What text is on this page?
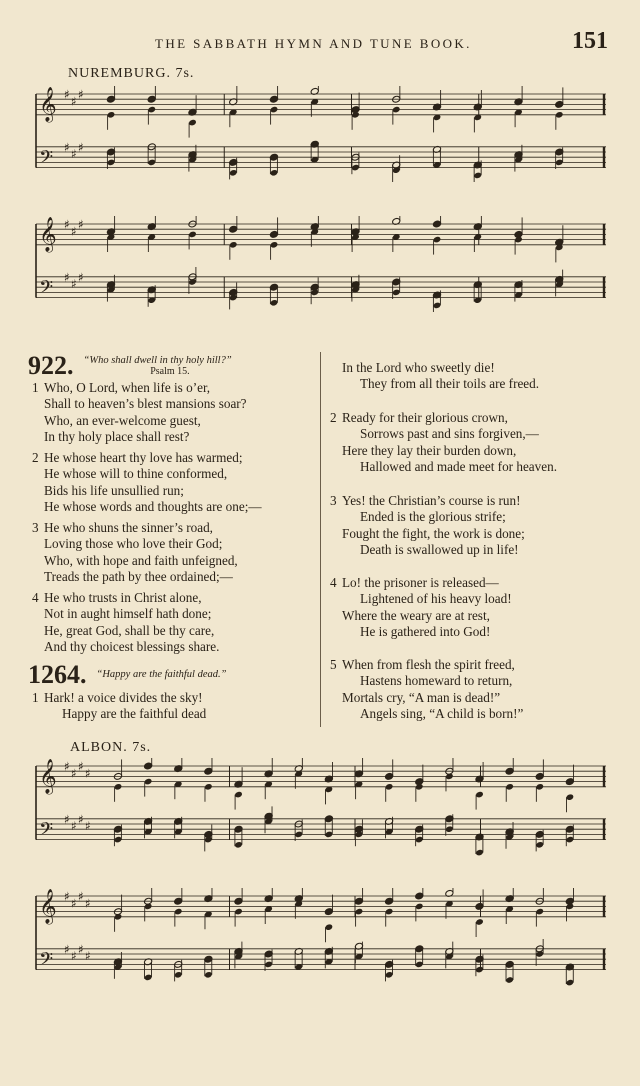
THE SABBATH HYMN AND TUNE BOOK.	151
NUREMBURG. 7s.
𝄞 ♯ ♯ ♯
𝄢
♯ ♯ ♯
𝄞 ♯ ♯ ♯
𝄢
♯ ♯ ♯
922. “Who shall dwell in thy holy hill?”
Psalm 15.
1 Who, O Lord, when life is o’er,
Shall to heaven’s blest mansions soar?
Who, an ever-welcome guest,
In thy holy place shall rest?
2 He whose heart thy love has warmed;
He whose will to thine conformed,
Bids his life unsullied run;
He whose words and thoughts are one;—
3 He who shuns the sinner’s road,
Loving those who love their God;
Who, with hope and faith unfeigned,
Treads the path by thee ordained;—
4 He who trusts in Christ alone,
Not in aught himself hath done;
He, great God, shall be thy care,
And thy choicest blessings share.
1264. “Happy are the faithful dead.”
1 Hark! a voice divides the sky!
Happy are the faithful dead
In the Lord who sweetly die!
They from all their toils are freed.
2 Ready for their glorious crown,
Sorrows past and sins forgiven,—
Here they lay their burden down,
Hallowed and made meet for heaven.
3 Yes! the Christian’s course is run!
Ended is the glorious strife;
Fought the fight, the work is done;
Death is swallowed up in life!
4 Lo! the prisoner is released—
Lightened of his heavy load!
Where the weary are at rest,
He is gathered into God!
5 When from flesh the spirit freed,
Hastens homeward to return,
Mortals cry, “A man is dead!”
Angels sing, “A child is born!”
ALBON. 7s.
𝄞 ♯ ♯ ♯ ♯
𝄢
♯ ♯ ♯ ♯
𝄞 ♯ ♯ ♯ ♯
𝄢
♯ ♯ ♯ ♯
